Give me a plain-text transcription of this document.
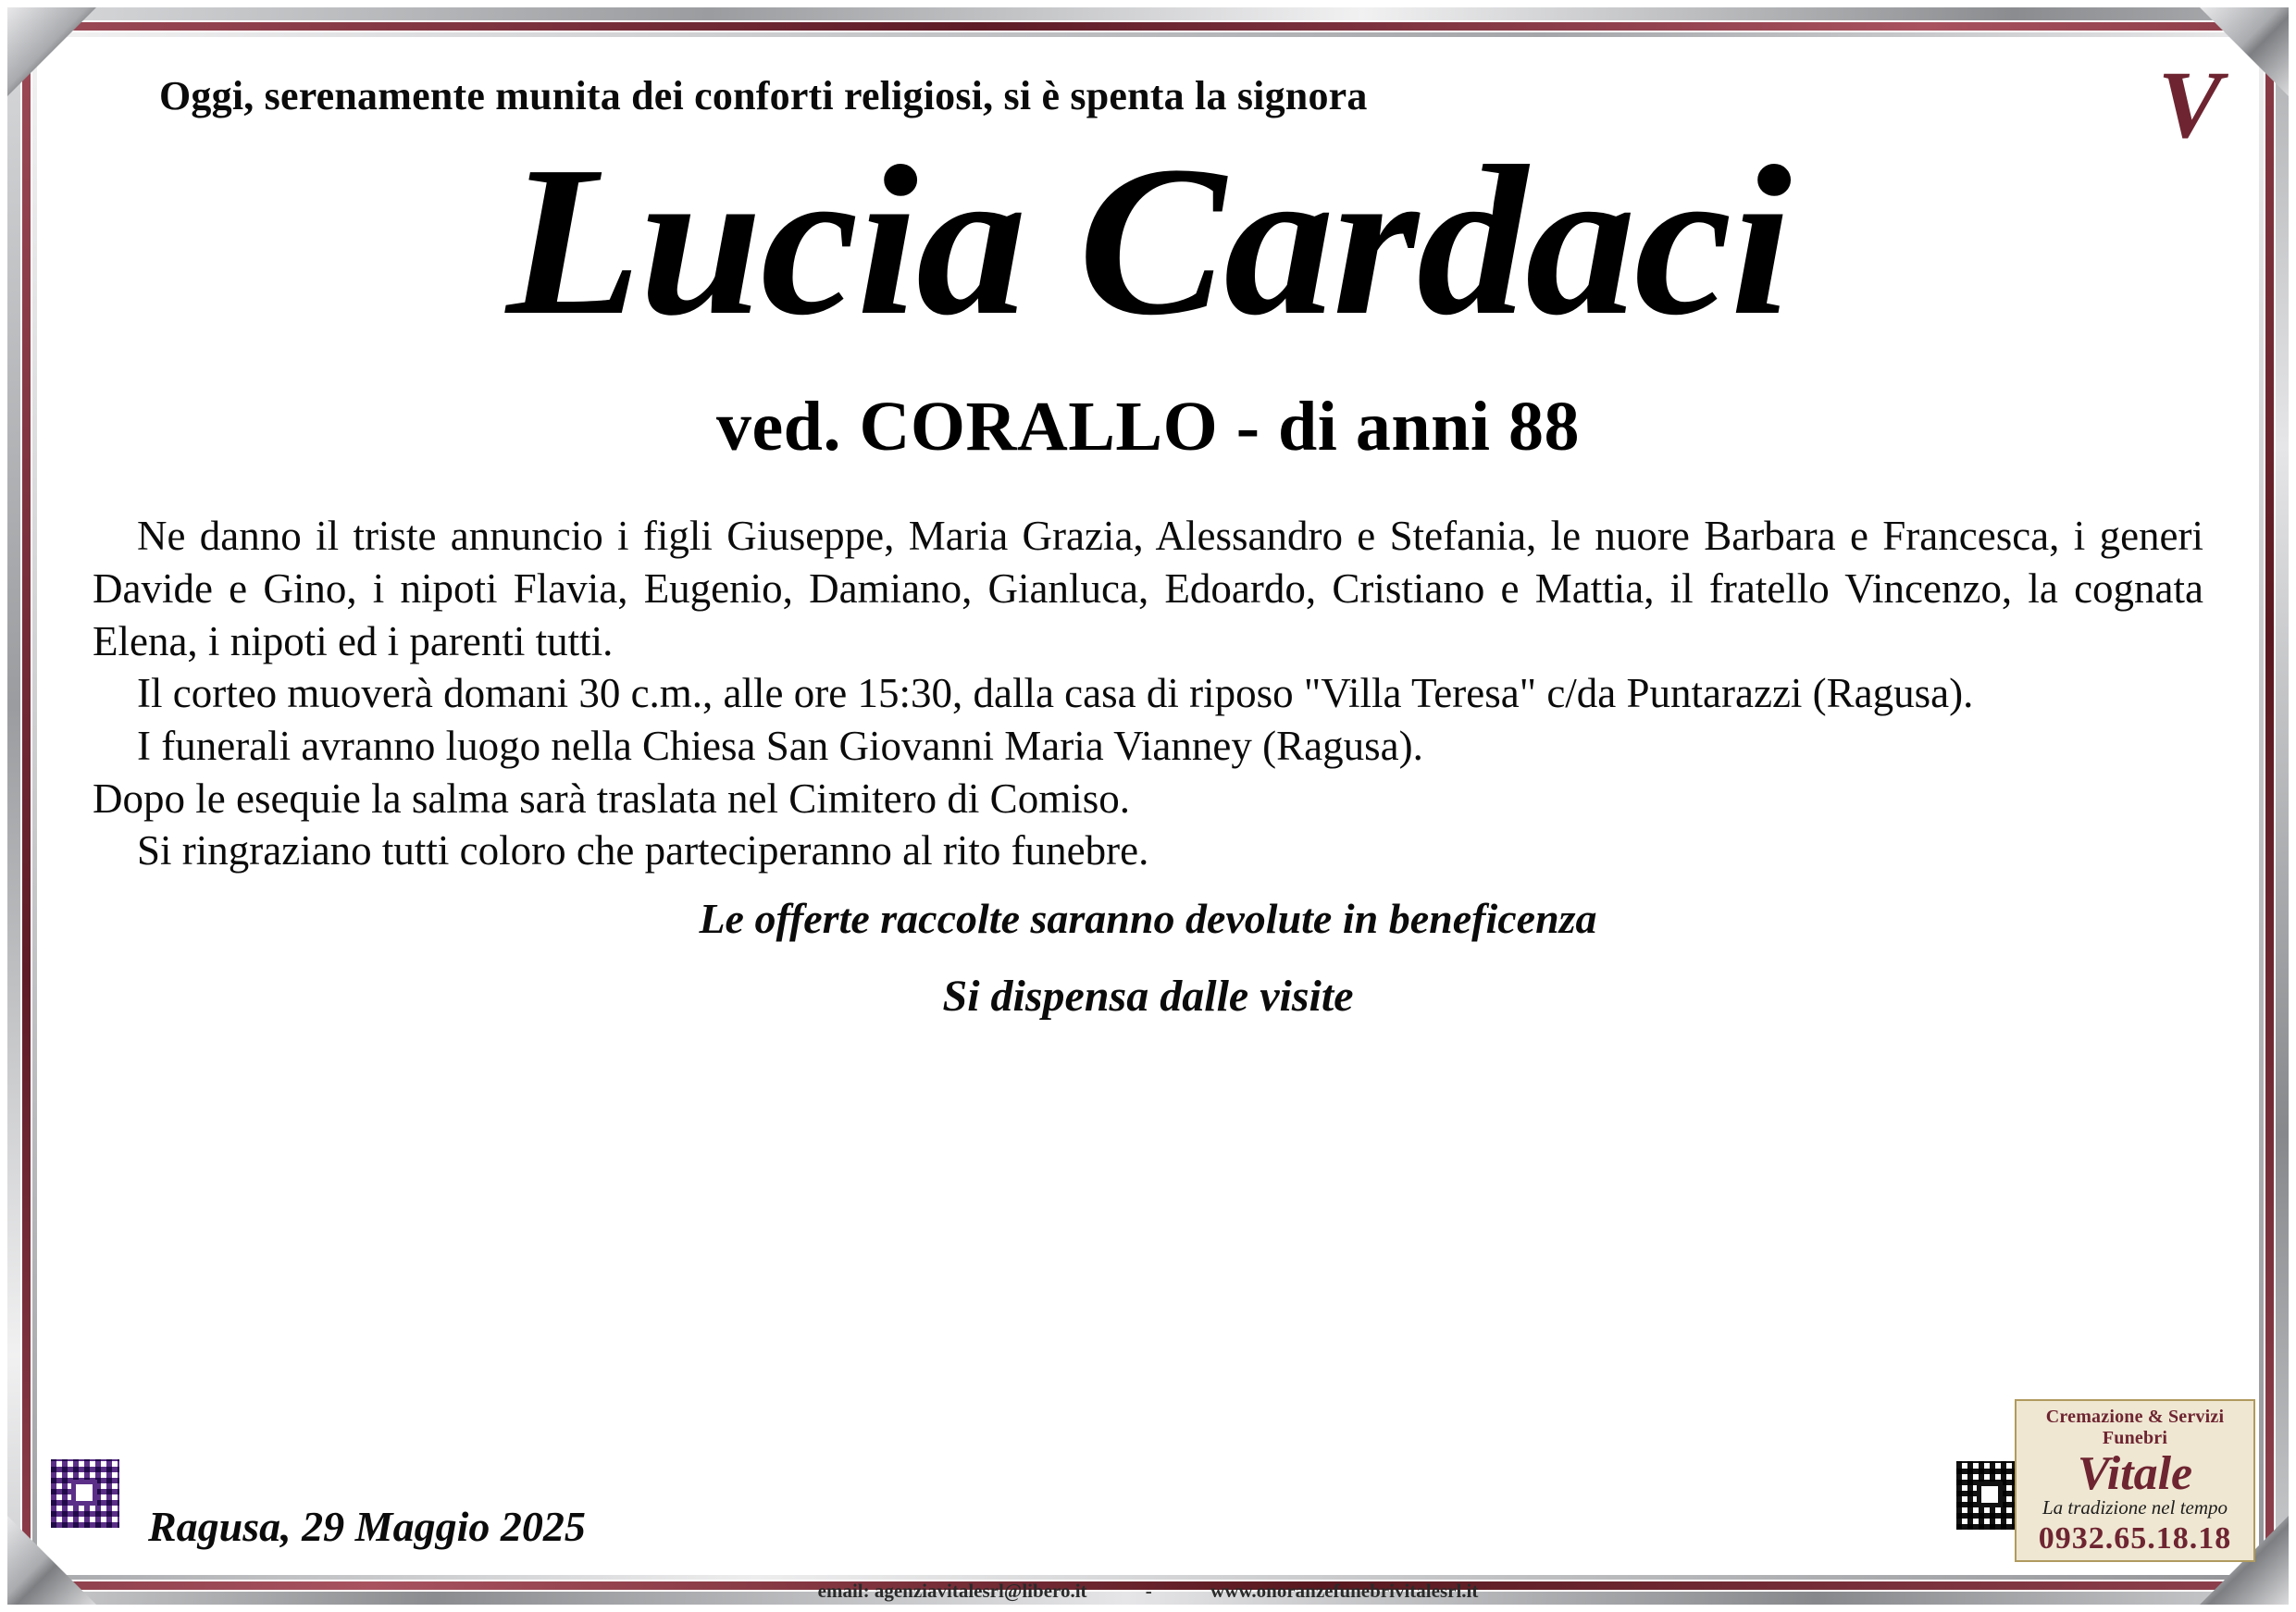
V
Oggi, serenamente munita dei conforti religiosi, si è spenta la signora
Lucia Cardaci
ved. CORALLO - di anni 88

Ne danno il triste annuncio i figli Giuseppe, Maria Grazia, Alessandro e Stefania, le nuore Barbara e Francesca, i generi Davide e Gino, i nipoti Flavia, Eugenio, Damiano, Gianluca, Edoardo, Cristiano e Mattia, il fratello Vincenzo, la cognata Elena, i nipoti ed i parenti tutti.

Il corteo muoverà domani 30 c.m., alle ore 15:30, dalla casa di riposo "Villa Teresa" c/da Puntarazzi (Ragusa).

I funerali avranno luogo nella Chiesa San Giovanni Maria Vianney (Ragusa).

Dopo le esequie la salma sarà traslata nel Cimitero di Comiso.

Si ringraziano tutti coloro che parteciperanno al rito funebre.

Le offerte raccolte saranno devolute in beneficenza
Si dispensa dalle visite
Ragusa, 29 Maggio 2025
Cremazione & Servizi Funebri
Vitale
La tradizione nel tempo
0932.65.18.18
email: agenziavitalesrl@libero.it	-	www.onoranzefunebrivitalesrl.it
